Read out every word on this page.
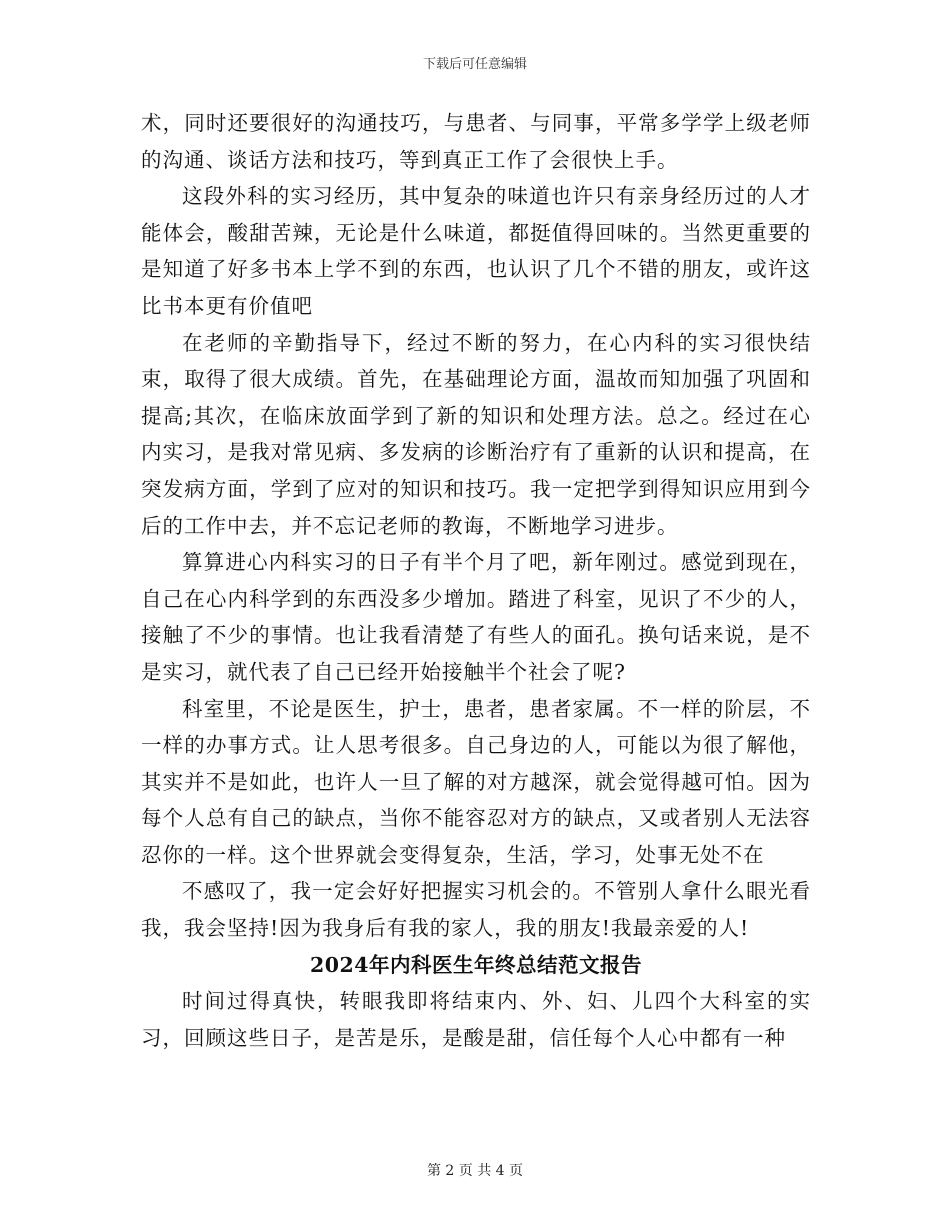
下载后可任意编辑

术，同时还要很好的沟通技巧，与患者、与同事，平常多学学上级老师的沟通、谈话方法和技巧，等到真正工作了会很快上手。

这段外科的实习经历，其中复杂的味道也许只有亲身经历过的人才能体会，酸甜苦辣，无论是什么味道，都挺值得回味的。当然更重要的是知道了好多书本上学不到的东西，也认识了几个不错的朋友，或许这比书本更有价值吧

在老师的辛勤指导下，经过不断的努力，在心内科的实习很快结束，取得了很大成绩。首先，在基础理论方面，温故而知加强了巩固和提高;其次，在临床放面学到了新的知识和处理方法。总之。经过在心内实习，是我对常见病、多发病的诊断治疗有了重新的认识和提高，在突发病方面，学到了应对的知识和技巧。我一定把学到得知识应用到今后的工作中去，并不忘记老师的教诲，不断地学习进步。

算算进心内科实习的日子有半个月了吧，新年刚过。感觉到现在，自己在心内科学到的东西没多少增加。踏进了科室，见识了不少的人，接触了不少的事情。也让我看清楚了有些人的面孔。换句话来说，是不是实习，就代表了自己已经开始接触半个社会了呢?

科室里，不论是医生，护士，患者，患者家属。不一样的阶层，不一样的办事方式。让人思考很多。自己身边的人，可能以为很了解他，其实并不是如此，也许人一旦了解的对方越深，就会觉得越可怕。因为每个人总有自己的缺点，当你不能容忍对方的缺点，又或者别人无法容忍你的一样。这个世界就会变得复杂，生活，学习，处事无处不在

不感叹了，我一定会好好把握实习机会的。不管别人拿什么眼光看我，我会坚持!因为我身后有我的家人，我的朋友!我最亲爱的人!

2024年内科医生年终总结范文报告

时间过得真快，转眼我即将结束内、外、妇、儿四个大科室的实习，回顾这些日子，是苦是乐，是酸是甜，信任每个人心中都有一种

第 2 页 共 4 页
